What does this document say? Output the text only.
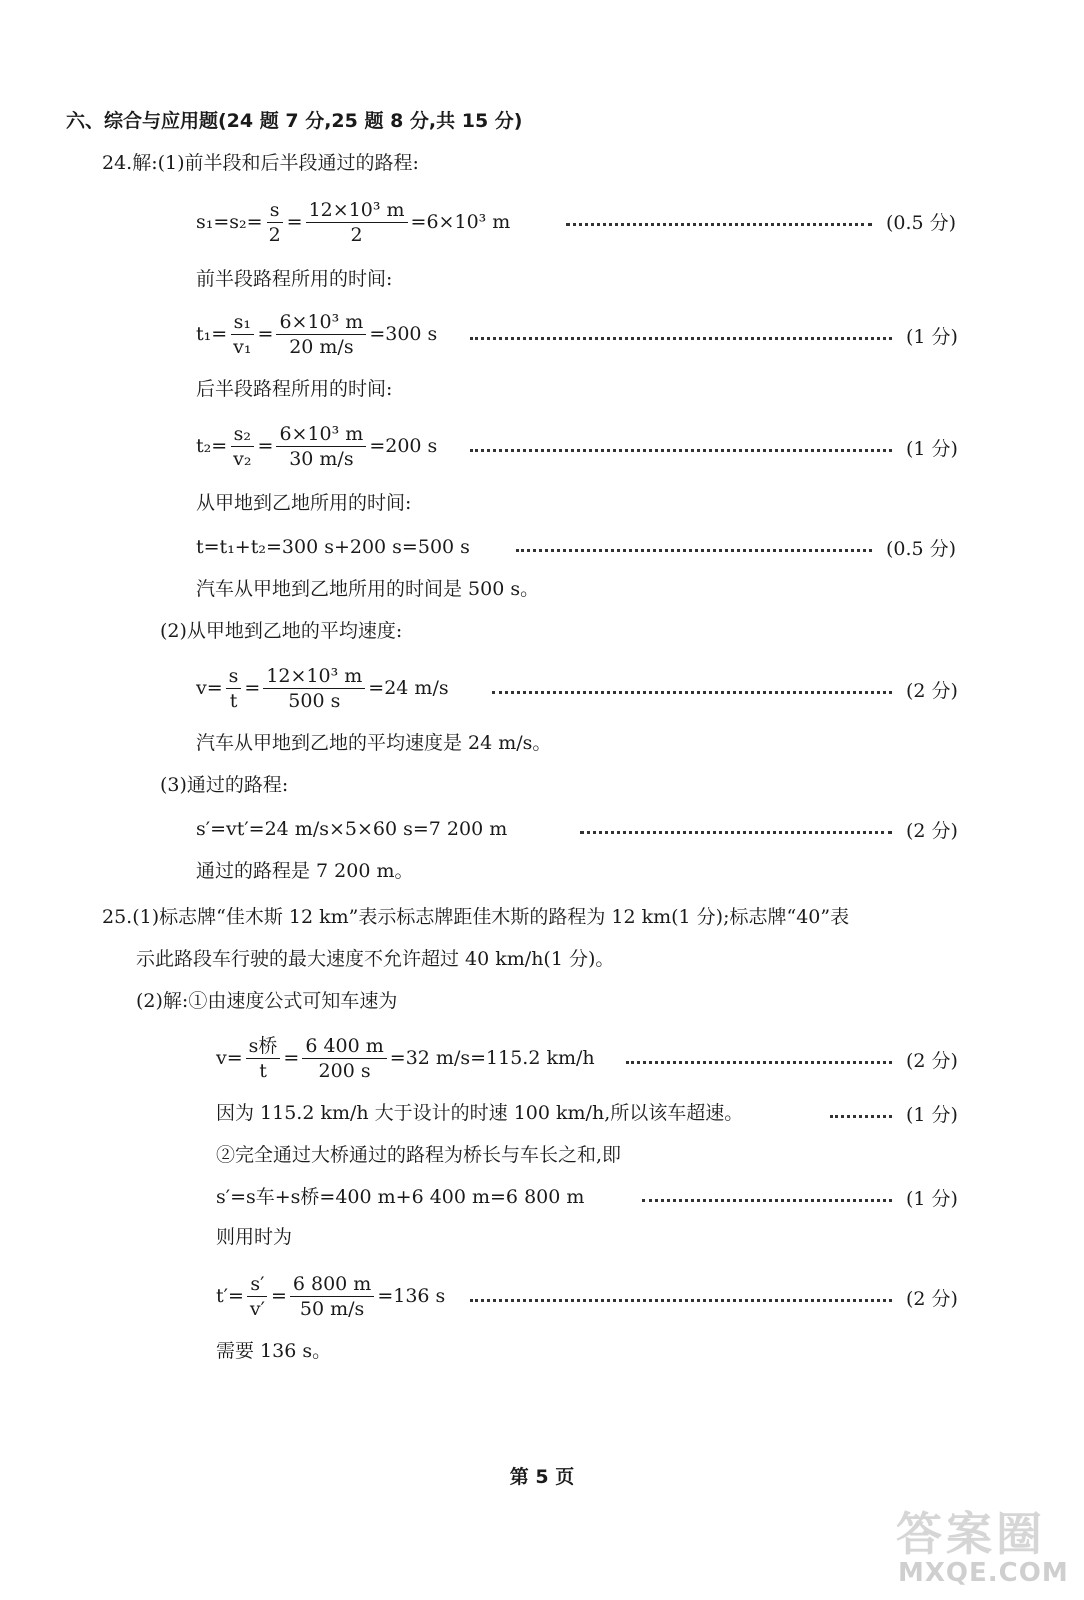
六、综合与应用题(24 题 7 分,25 题 8 分,共 15 分)
24.解:(1)前半段和后半段通过的路程:
$s_1=s_2= \frac{s}{2} = \frac{\text{12×10³ m}}{2} =6\times 10^3$ m	(0.5 分)
前半段路程所用的时间:
$t_1= \frac{\text{s₁}}{\text{v₁}} = \frac{\text{6×10³ m}}{20 m/s} =300$ s	(1 分)
后半段路程所用的时间:
$t_2= \frac{\text{s₂}}{\text{v₂}} = \frac{\text{6×10³ m}}{30 m/s} =200$ s	(1 分)
从甲地到乙地所用的时间:
t=t₁+t₂=300 s+200 s=500 s	(0.5 分)
汽车从甲地到乙地所用的时间是 500 s。
(2)从甲地到乙地的平均速度:
$v= \frac{s}{t} = \frac{\text{12×10³ m}}{500 s} =24$ m/s	(2 分)
汽车从甲地到乙地的平均速度是 24 m/s。
(3)通过的路程:
s′=vt′=24 m/s×5×60 s=7 200 m	(2 分)
通过的路程是 7 200 m。
25.(1)标志牌“佳木斯 12 km”表示标志牌距佳木斯的路程为 12 km(1 分);标志牌“40”表
示此路段车行驶的最大速度不允许超过 40 km/h(1 分)。
(2)解:①由速度公式可知车速为
v=
s桥
t
= $\frac{6 400 m}{200 s} =32$ m/s=115.2 km/h	(2 分)
因为 115.2 km/h 大于设计的时速 100 km/h,所以该车超速。	(1 分)
②完全通过大桥通过的路程为桥长与车长之和,即
s′=s车+s桥=400 m+6 400 m=6 800 m	(1 分)
则用时为
$t'= \frac{s'}{v'} = \frac{6 800 m}{50 m/s} =136$ s	(2 分)
需要 136 s。
第 5 页
答案圈
MXQE.COM
